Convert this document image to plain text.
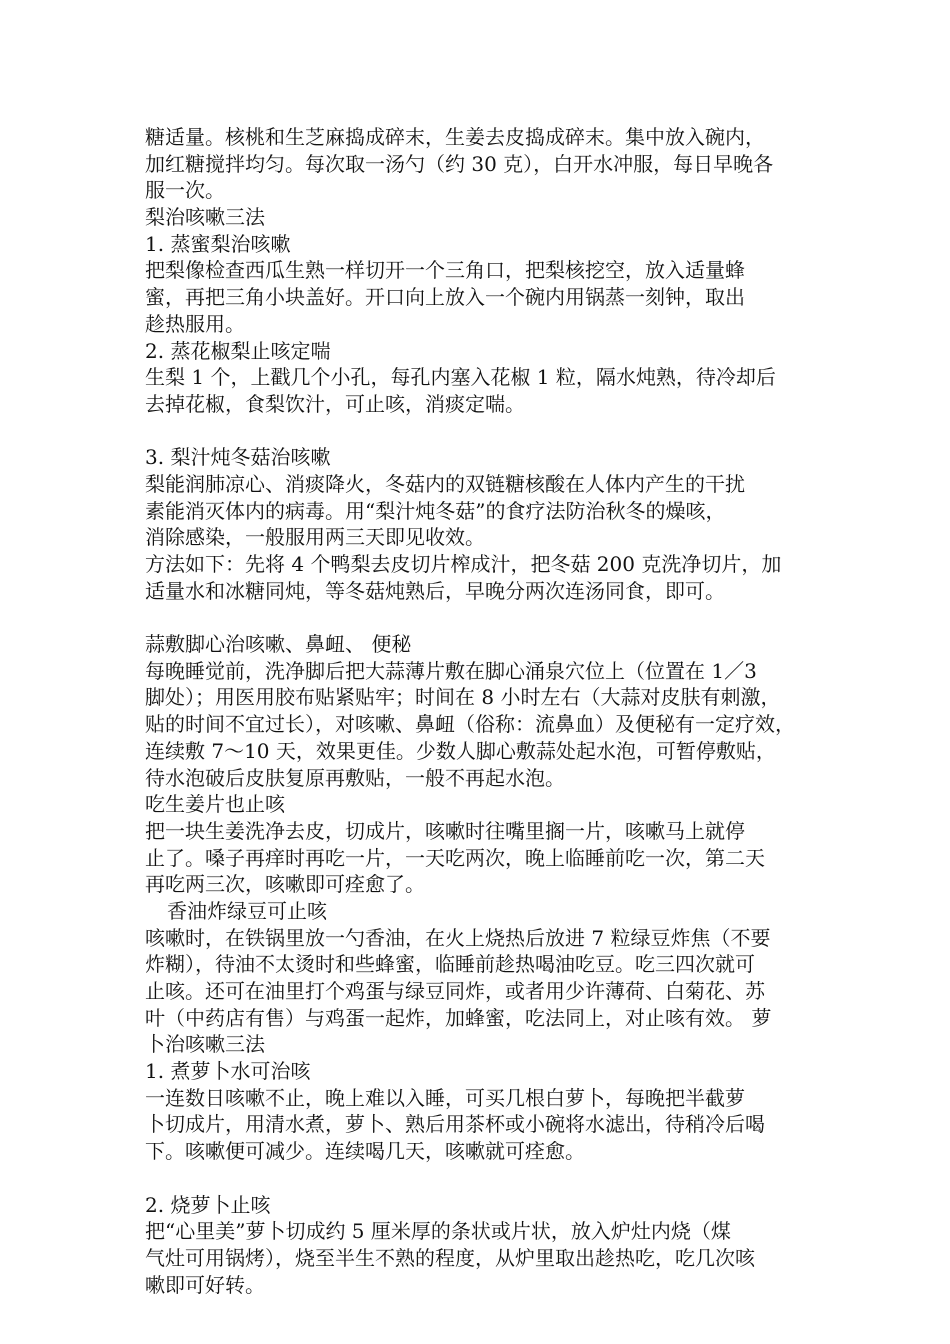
糖适量。核桃和生芝麻捣成碎末，生姜去皮捣成碎末。集中放入碗内，
加红糖搅拌均匀。每次取一汤勺（约 30 克），白开水冲服，每日早晚各
服一次。
梨治咳嗽三法
1. 蒸蜜梨治咳嗽
把梨像检查西瓜生熟一样切开一个三角口，把梨核挖空，放入适量蜂
蜜，再把三角小块盖好。开口向上放入一个碗内用锅蒸一刻钟，取出
趁热服用。
2. 蒸花椒梨止咳定喘
生梨 1 个，上戳几个小孔，每孔内塞入花椒 1 粒，隔水炖熟，待冷却后
去掉花椒，食梨饮汁，可止咳，消痰定喘。
3. 梨汁炖冬菇治咳嗽
梨能润肺凉心、消痰降火，冬菇内的双链糖核酸在人体内产生的干扰
素能消灭体内的病毒。用“梨汁炖冬菇”的食疗法防治秋冬的燥咳，
消除感染，一般服用两三天即见收效。
方法如下：先将 4 个鸭梨去皮切片榨成汁，把冬菇 200 克洗净切片，加
适量水和冰糖同炖，等冬菇炖熟后，早晚分两次连汤同食，即可。
蒜敷脚心治咳嗽、鼻衄、 便秘
每晚睡觉前，洗净脚后把大蒜薄片敷在脚心涌泉穴位上（位置在 1／3
脚处）；用医用胶布贴紧贴牢；时间在 8 小时左右（大蒜对皮肤有刺激，
贴的时间不宜过长），对咳嗽、鼻衄（俗称：流鼻血）及便秘有一定疗效，
连续敷 7～10 天，效果更佳。少数人脚心敷蒜处起水泡，可暂停敷贴，
待水泡破后皮肤复原再敷贴，一般不再起水泡。
吃生姜片也止咳
把一块生姜洗净去皮，切成片，咳嗽时往嘴里搁一片，咳嗽马上就停
止了。嗓子再痒时再吃一片，一天吃两次，晚上临睡前吃一次，第二天
再吃两三次，咳嗽即可痊愈了。
香油炸绿豆可止咳
咳嗽时，在铁锅里放一勺香油，在火上烧热后放进 7 粒绿豆炸焦（不要
炸糊），待油不太烫时和些蜂蜜，临睡前趁热喝油吃豆。吃三四次就可
止咳。还可在油里打个鸡蛋与绿豆同炸，或者用少许薄荷、白菊花、苏
叶（中药店有售）与鸡蛋一起炸，加蜂蜜，吃法同上，对止咳有效。 萝
卜治咳嗽三法
1. 煮萝卜水可治咳
一连数日咳嗽不止，晚上难以入睡，可买几根白萝卜，每晚把半截萝
卜切成片，用清水煮，萝卜、熟后用茶杯或小碗将水滤出，待稍冷后喝
下。咳嗽便可减少。连续喝几天，咳嗽就可痊愈。
2. 烧萝卜止咳
把“心里美”萝卜切成约 5 厘米厚的条状或片状，放入炉灶内烧（煤
气灶可用锅烤），烧至半生不熟的程度，从炉里取出趁热吃，吃几次咳
嗽即可好转。
